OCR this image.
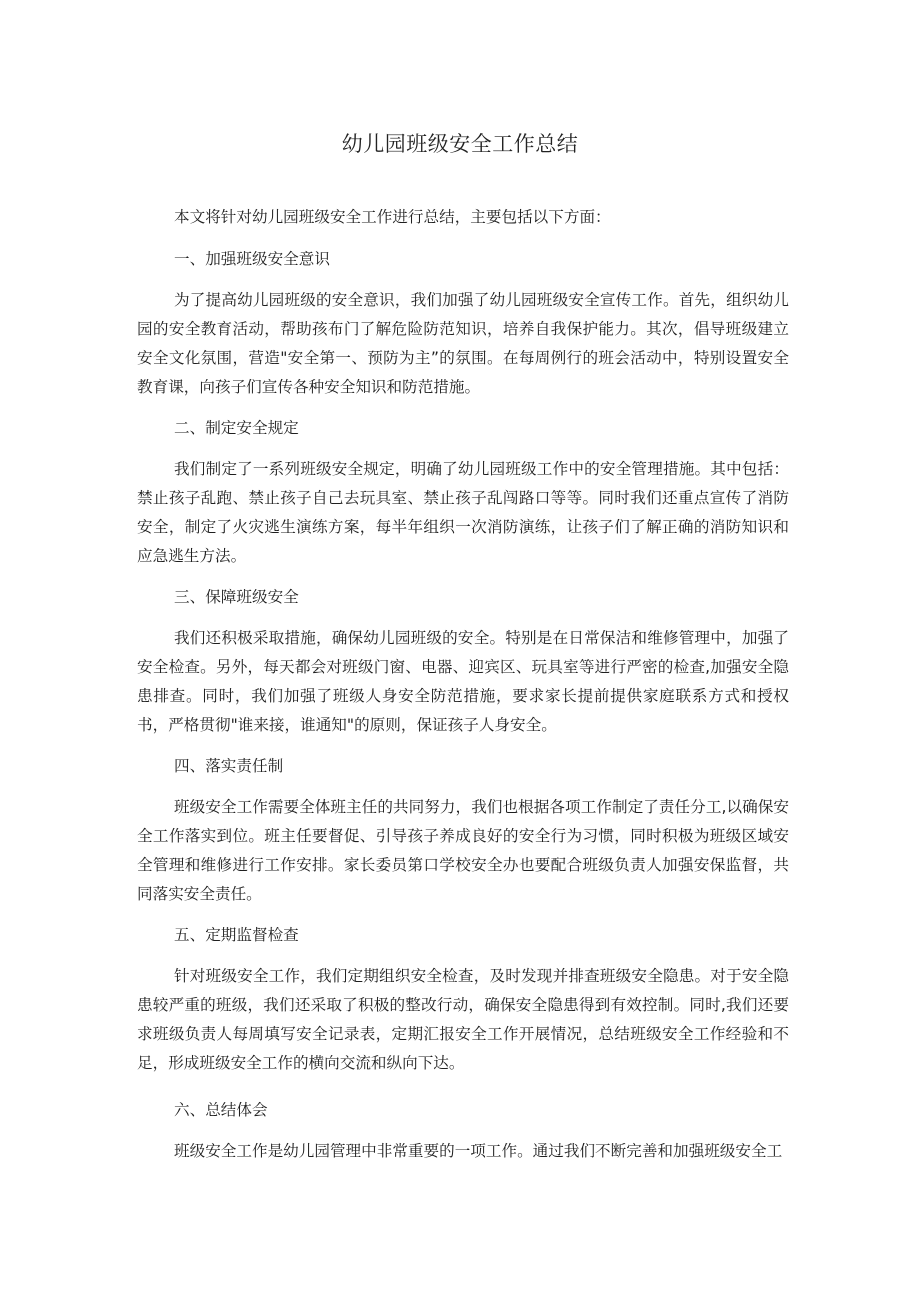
幼儿园班级安全工作总结

本文将针对幼儿园班级安全工作进行总结，主要包括以下方面：

一、加强班级安全意识

为了提高幼儿园班级的安全意识，我们加强了幼儿园班级安全宣传工作。首先，组织幼儿园的安全教育活动，帮助孩布门了解危险防范知识，培养自我保护能力。其次，倡导班级建立安全文化氛围，营造"安全第一、预防为主”的氛围。在每周例行的班会活动中，特别设置安全教育课，向孩子们宣传各种安全知识和防范措施。

二、制定安全规定

我们制定了一系列班级安全规定，明确了幼儿园班级工作中的安全管理措施。其中包括：禁止孩子乱跑、禁止孩子自己去玩具室、禁止孩子乱闯路口等等。同时我们还重点宣传了消防安全，制定了火灾逃生演练方案，每半年组织一次消防演练，让孩子们了解正确的消防知识和应急逃生方法。

三、保障班级安全

我们还积极采取措施，确保幼儿园班级的安全。特别是在日常保洁和维修管理中，加强了安全检查。另外，每天都会对班级门窗、电器、迎宾区、玩具室等进行严密的检查,加强安全隐患排查。同时，我们加强了班级人身安全防范措施，要求家长提前提供家庭联系方式和授权书，严格贯彻"谁来接，谁通知"的原则，保证孩子人身安全。

四、落实责任制

班级安全工作需要全体班主任的共同努力，我们也根据各项工作制定了责任分工,以确保安全工作落实到位。班主任要督促、引导孩子养成良好的安全行为习惯，同时积极为班级区域安全管理和维修进行工作安排。家长委员第口学校安全办也要配合班级负责人加强安保监督，共同落实安全责任。

五、定期监督检查

针对班级安全工作，我们定期组织安全检查，及时发现并排查班级安全隐患。对于安全隐患较严重的班级，我们还采取了积极的整改行动，确保安全隐患得到有效控制。同时,我们还要求班级负责人每周填写安全记录表，定期汇报安全工作开展情况，总结班级安全工作经验和不足，形成班级安全工作的横向交流和纵向下达。

六、总结体会

班级安全工作是幼儿园管理中非常重要的一项工作。通过我们不断完善和加强班级安全工
